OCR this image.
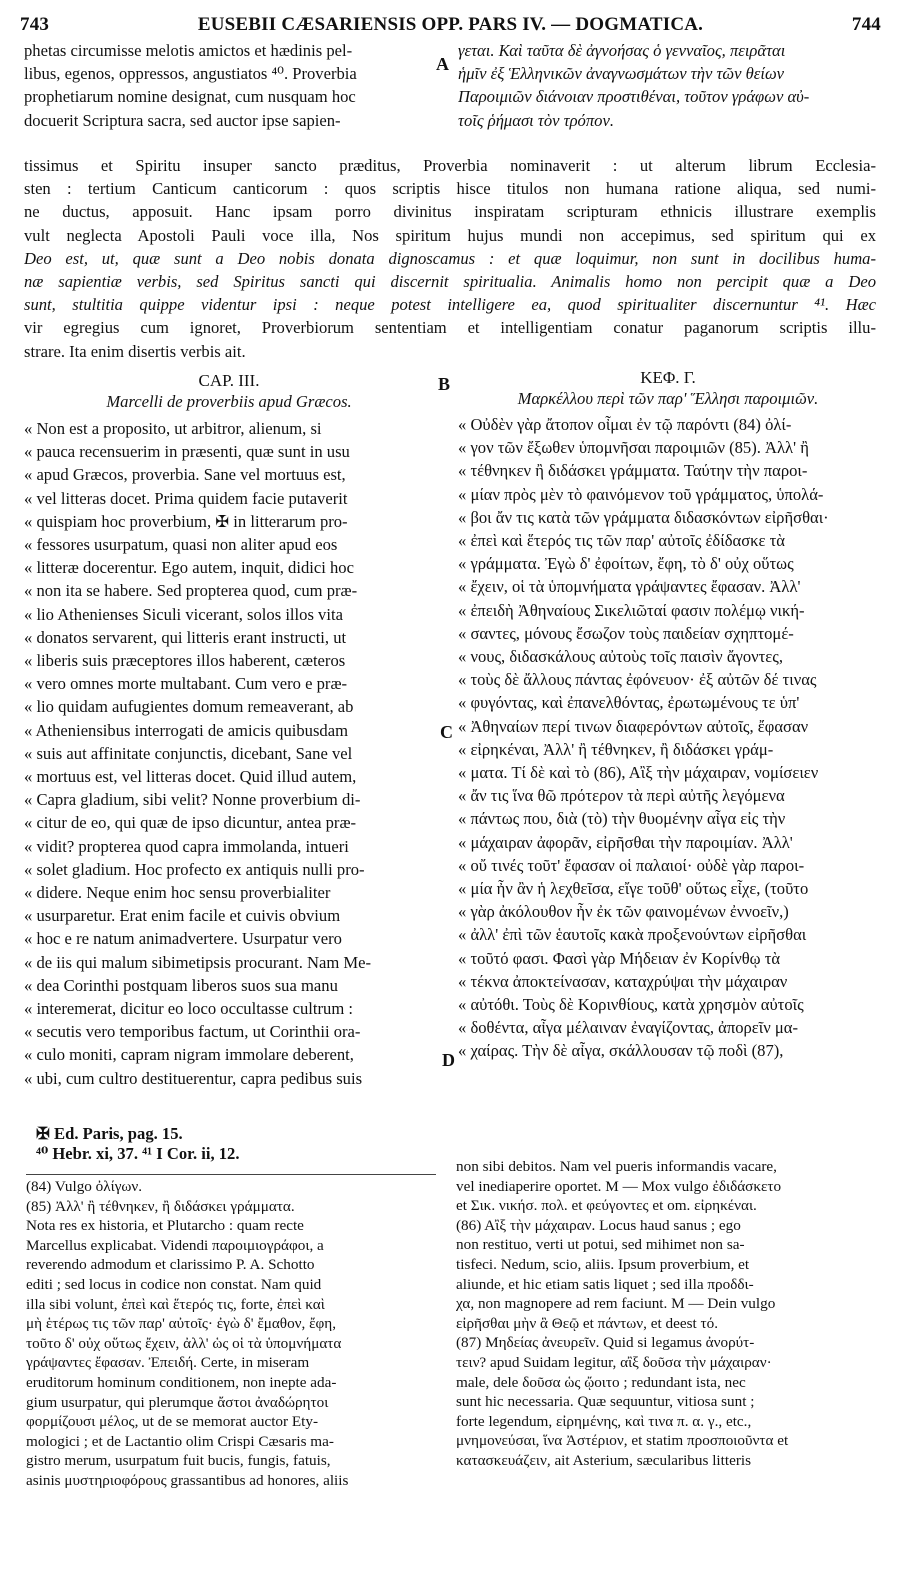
743	EUSEBII CÆSARIENSIS OPP. PARS IV. — DOGMATICA.	744
phetas circumisse melotis amictos et hædinis pel-
libus, egenos, oppressos, angustiatos ⁴⁰. Proverbia
prophetiarum nomine designat, cum nusquam hoc
docuerit Scriptura sacra, sed auctor ipse sapien-
A
γεται. Καὶ ταῦτα δὲ ἀγνοήσας ὁ γενναῖος, πειρᾶται
ἡμῖν ἐξ Ἑλληνικῶν ἀναγνωσμάτων τὴν τῶν θείων
Παροιμιῶν διάνοιαν προστιθέναι, τοῦτον γράφων αὐ-
τοῖς ῥήμασι τὸν τρόπον.
tissimus et Spiritu insuper sancto præditus, Proverbia nominaverit : ut alterum librum Ecclesia-
sten : tertium Canticum canticorum : quos scriptis hisce titulos non humana ratione aliqua, sed numi-
ne ductus, apposuit. Hanc ipsam porro divinitus inspiratam scripturam ethnicis illustrare exemplis
vult neglecta Apostoli Pauli voce illa, Nos spiritum hujus mundi non accepimus, sed spiritum qui ex
Deo est, ut, quæ sunt a Deo nobis donata dignoscamus : et quæ loquimur, non sunt in docilibus huma-
næ sapientiæ verbis, sed Spiritus sancti qui discernit spiritualia. Animalis homo non percipit quæ a Deo
sunt, stultitia quippe videntur ipsi : neque potest intelligere ea, quod spiritualiter discernuntur ⁴¹. Hæc
vir egregius cum ignoret, Proverbiorum sententiam et intelligentiam conatur paganorum scriptis illu-
strare. Ita enim disertis verbis ait.
CAP. III.	B	ΚΕΦ. Γ.
Marcelli de proverbiis apud Græcos.	Μαρκέλλου περὶ τῶν παρ' Ἕλλησι παροιμιῶν.
« Non est a proposito, ut arbitror, alienum, si
« pauca recensuerim in præsenti, quæ sunt in usu
« apud Græcos, proverbia. Sane vel mortuus est,
« vel litteras docet. Prima quidem facie putaverit
« quispiam hoc proverbium, ✠ in litterarum pro-
« fessores usurpatum, quasi non aliter apud eos
« litteræ docerentur. Ego autem, inquit, didici hoc
« non ita se habere. Sed propterea quod, cum præ-
« lio Athenienses Siculi vicerant, solos illos vita
« donatos servarent, qui litteris erant instructi, ut
« liberis suis præceptores illos haberent, cæteros
« vero omnes morte multabant. Cum vero e præ-
« lio quidam aufugientes domum remeaverant, ab
« Atheniensibus interrogati de amicis quibusdam
« suis aut affinitate conjunctis, dicebant, Sane vel
« mortuus est, vel litteras docet. Quid illud autem,
« Capra gladium, sibi velit? Nonne proverbium di-
« citur de eo, qui quæ de ipso dicuntur, antea præ-
« vidit? propterea quod capra immolanda, intueri
« solet gladium. Hoc profecto ex antiquis nulli pro-
« didere. Neque enim hoc sensu proverbialiter
« usurparetur. Erat enim facile et cuivis obvium
« hoc e re natum animadvertere. Usurpatur vero
« de iis qui malum sibimetipsis procurant. Nam Me-
« dea Corinthi postquam liberos suos sua manu
« interemerat, dicitur eo loco occultasse cultrum :
« secutis vero temporibus factum, ut Corinthii ora-
« culo moniti, capram nigram immolare deberent,
« ubi, cum cultro destituerentur, capra pedibus suis
C
D
« Οὐδὲν γὰρ ἄτοπον οἶμαι ἐν τῷ παρόντι (84) ὀλί-
« γον τῶν ἔξωθεν ὑπομνῆσαι παροιμιῶν (85). Ἀλλ' ἢ
« τέθνηκεν ἢ διδάσκει γράμματα. Ταύτην τὴν παροι-
« μίαν πρὸς μὲν τὸ φαινόμενον τοῦ γράμματος, ὑπολά-
« βοι ἄν τις κατὰ τῶν γράμματα διδασκόντων εἰρῆσθαι·
« ἐπεὶ καὶ ἕτερός τις τῶν παρ' αὐτοῖς ἐδίδασκε τὰ
« γράμματα. Ἐγὼ δ' ἐφοίτων, ἔφη, τὸ δ' οὐχ οὕτως
« ἔχειν, οἱ τὰ ὑπομνήματα γράψαντες ἔφασαν. Ἀλλ'
« ἐπειδὴ Ἀθηναίους Σικελιῶταί φασιν πολέμῳ νική-
« σαντες, μόνους ἔσωζον τοὺς παιδείαν σχηπτομέ-
« νους, διδασκάλους αὐτοὺς τοῖς παισὶν ἄγοντες,
« τοὺς δὲ ἄλλους πάντας ἐφόνευον· ἐξ αὐτῶν δέ τινας
« φυγόντας, καὶ ἐπανελθόντας, ἐρωτωμένους τε ὑπ'
« Ἀθηναίων περί τινων διαφερόντων αὐτοῖς, ἔφασαν
« εἰρηκέναι, Ἀλλ' ἢ τέθνηκεν, ἢ διδάσκει γράμ-
« ματα. Τί δὲ καὶ τὸ (86), Αἲξ τὴν μάχαιραν, νομίσειεν
« ἄν τις ἵνα θῶ πρότερον τὰ περὶ αὐτῆς λεγόμενα
« πάντως που, διὰ (τὸ) τὴν θυομένην αἶγα εἰς τὴν
« μάχαιραν ἀφορᾶν, εἰρῆσθαι τὴν παροιμίαν. Ἀλλ'
« οὔ τινές τοῦτ' ἔφασαν οἱ παλαιοί· οὐδὲ γὰρ παροι-
« μία ἦν ἂν ἡ λεχθεῖσα, εἴγε τοῦθ' οὕτως εἶχε, (τοῦτο
« γὰρ ἀκόλουθον ἦν ἐκ τῶν φαινομένων ἐννοεῖν,)
« ἀλλ' ἐπὶ τῶν ἑαυτοῖς κακὰ προξενούντων εἰρῆσθαι
« τοῦτό φασι. Φασὶ γὰρ Μήδειαν ἐν Κορίνθῳ τὰ
« τέκνα ἀποκτείνασαν, καταχρύψαι τὴν μάχαιραν
« αὐτόθι. Τοὺς δὲ Κορινθίους, κατὰ χρησμὸν αὐτοῖς
« δοθέντα, αἶγα μέλαιναν ἐναγίζοντας, ἀπορεῖν μα-
« χαίρας. Τὴν δὲ αἶγα, σκάλλουσαν τῷ ποδὶ (87),
✠ Ed. Paris, pag. 15.
⁴⁰ Hebr. xi, 37. ⁴¹ I Cor. ii, 12.
(84) Vulgo ὀλίγων.
(85) Ἀλλ' ἢ τέθνηκεν, ἢ διδάσκει γράμματα.
Nota res ex historia, et Plutarcho : quam recte
Marcellus explicabat. Videndi παροιμιογράφοι, a
reverendo admodum et clarissimo P. A. Schotto
editi ; sed locus in codice non constat. Nam quid
illa sibi volunt, ἐπεὶ καὶ ἕτερός τις, forte, ἐπεὶ καὶ
μὴ ἑτέρως τις τῶν παρ' αὐτοῖς· ἐγὼ δ' ἔμαθον, ἔφη,
τοῦτο δ' οὐχ οὕτως ἔχειν, ἀλλ' ὡς οἱ τὰ ὑπομνήματα
γράψαντες ἔφασαν. Ἐπειδή. Certe, in miseram
eruditorum hominum conditionem, non inepte ada-
gium usurpatur, qui plerumque ἄστοι ἀναδώρητοι
φορμίζουσι μέλος, ut de se memorat auctor Ety-
mologici ; et de Lactantio olim Crispi Cæsaris ma-
gistro merum, usurpatum fuit bucis, fungis, fatuis,
asinis μυστηριοφόρους grassantibus ad honores, aliis
non sibi debitos. Nam vel pueris informandis vacare,
vel inediaperire oportet. M — Mox vulgo ἐδιδάσκετο
et Σικ. νικήσ. πολ. et φεύγοντες et om. εἰρηκέναι.
(86) Αἲξ τὴν μάχαιραν. Locus haud sanus ; ego
non restituo, verti ut potui, sed mihimet non sa-
tisfeci. Nedum, scio, aliis. Ipsum proverbium, et
aliunde, et hic etiam satis liquet ; sed illa προδδι-
χα, non magnopere ad rem faciunt. M — Dein vulgo
εἰρῆσθαι μὴν ἃ Θεῷ et πάντων, et deest τό.
(87) Μηδείας ἀνευρεῖν. Quid si legamus ἀνορύτ-
τειν? apud Suidam legitur, αἲξ δοῦσα τὴν μάχαιραν·
male, dele δοῦσα ὡς ᾤοιτο ; redundant ista, nec
sunt hic necessaria. Quæ sequuntur, vitiosa sunt ;
forte legendum, εἰρημένης, καὶ τινα π. α. γ., etc.,
μνημονεύσαι, ἵνα Ἀστέριον, et statim προσποιοῦντα et
κατασκευάζειν, ait Asterium, sæcularibus litteris
